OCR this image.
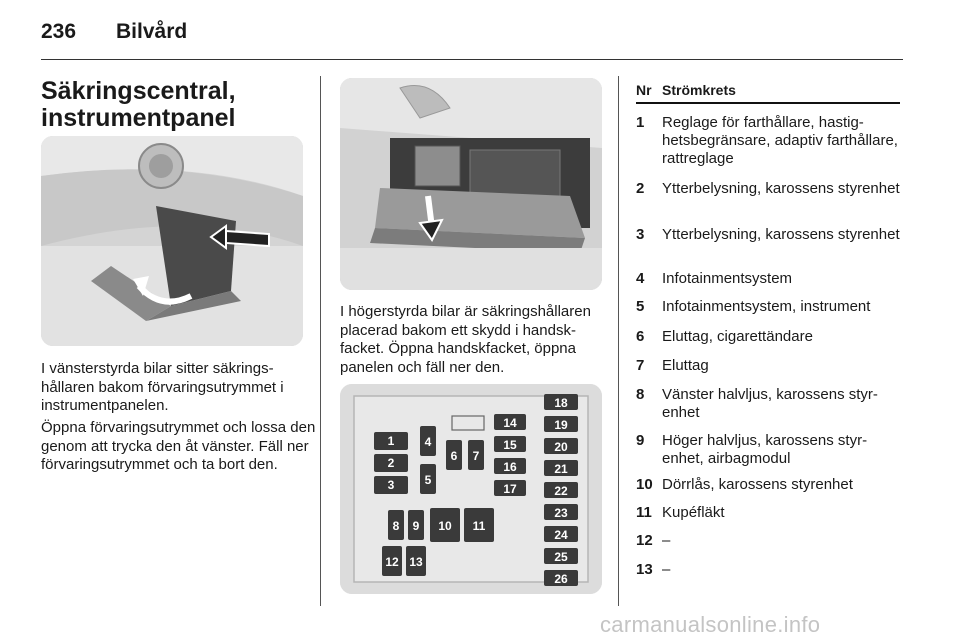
236 Bilvård
Säkringscentral, instrumentpanel

I vänsterstyrda bilar sitter säkringshållaren bakom förvaringsutrymmet i instrumentpanelen.

Öppna förvaringsutrymmet och lossa den genom att trycka den åt vänster. Fäll ner förvaringsutrymmet och ta bort den.

I högerstyrda bilar är säkringshållaren placerad bakom ett skydd i handskfacket. Öppna handskfacket, öppna panelen och fäll ner den.

1
2
3
4
5
6 7
8 9 10 11
12 13
14
15
16
17
18
19
20
21
22
23
24
25
26
Nr Strömkrets
1 Reglage för farthållare, hastighetsbegränsare, adaptiv farthållare, rattreglage
2 Ytterbelysning, karossens styrenhet
3 Ytterbelysning, karossens styrenhet
4 Infotainmentsystem
5 Infotainmentsystem, instrument
6 Eluttag, cigarettändare
7 Eluttag
8 Vänster halvljus, karossens styrenhet
9 Höger halvljus, karossens styrenhet, airbagmodul
10 Dörrlås, karossens styrenhet
11 Kupéfläkt
12 –
13 –
carmanualsonline.info
